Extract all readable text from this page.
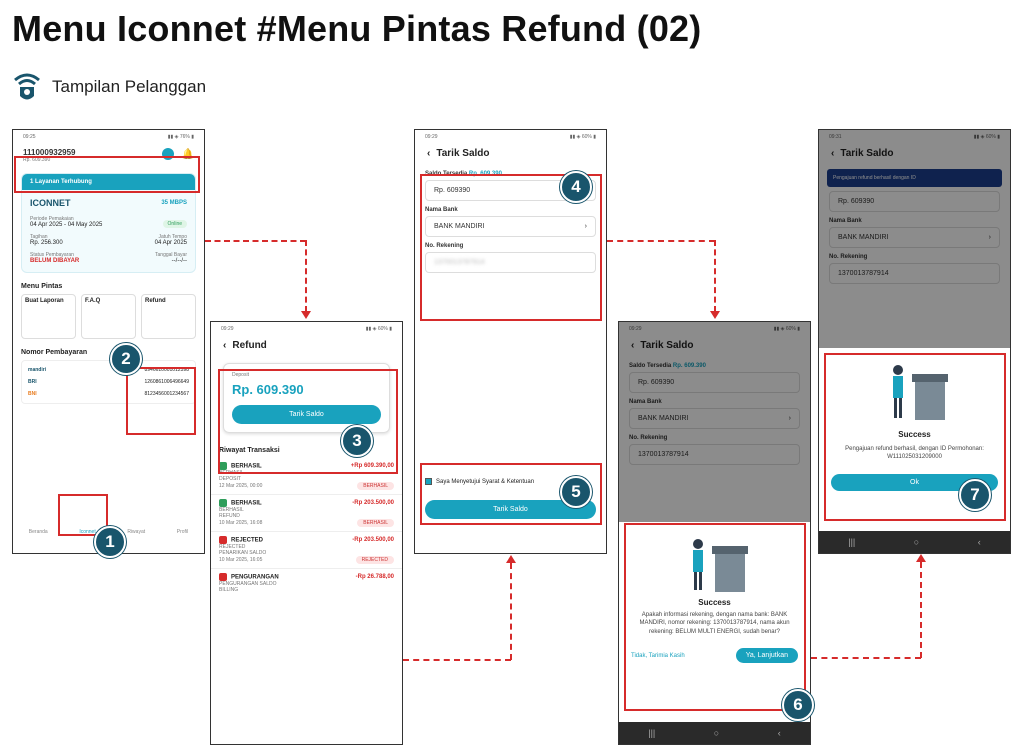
Menu Iconnet #Menu Pintas Refund (02)
Tampilan Pelanggan
09:25	▮▮ ◈ 76% ▮
111000932959
Rp. 609.390
🔔
1 Layanan Terhubung
ICONNET	35 MBPS
Periode Pemakaian
04 Apr 2025 - 04 May 2025	Online
Tagihan
Rp. 256.300
Jatuh Tempo
04 Apr 2025
Status Pembayaran
BELUM DIBAYAR
Tanggal Bayar
--/--/--
Menu Pintas
Buat Laporan	F.A.Q	Refund
Nomor Pembayaran
mandiri	8946610001012598
BRI	1260861006496649
BNI	8123456001234567
Beranda	Iconnet	Riwayat	Profil
09:29	▮▮ ◈ 60% ▮
‹ Refund
Deposit
Rp. 609.390
Tarik Saldo
Riwayat Transaksi
BERHASIL	+Rp 609.390,00
BERHASIL
DEPOSIT
12 Mar 2025, 00:00	BERHASIL
BERHASIL	-Rp 203.500,00
BERHASIL
REFUND
10 Mar 2025, 16:08	BERHASIL
REJECTED	-Rp 203.500,00
REJECTED
PENARIKAN SALDO
10 Mar 2025, 16:05	REJECTED
PENGURANGAN	-Rp 26.788,00
PENGURANGAN SALDO
BILLING
09:29	▮▮ ◈ 60% ▮
‹ Tarik Saldo
Saldo Tersedia Rp. 609.390
Rp. 609390
Nama Bank
BANK MANDIRI	›
No. Rekening
1370013787914
Saya Menyetujui Syarat & Ketentuan
Tarik Saldo
09:29	▮▮ ◈ 60% ▮
‹ Tarik Saldo
Saldo Tersedia Rp. 609.390
Rp. 609390
Nama Bank
BANK MANDIRI	›
No. Rekening
1370013787914
Success
Apakah informasi rekening, dengan nama bank: BANK MANDIRI, nomor rekening: 1370013787914, nama akun rekening: BELUM MULTI ENERGI, sudah benar?
Tidak, Tarimia Kasih	Ya, Lanjutkan
|||	○	‹
09:31	▮▮ ◈ 60% ▮
‹ Tarik Saldo
Pengajuan refund berhasil dengan ID
Rp. 609390
Nama Bank
BANK MANDIRI	›
No. Rekening
1370013787914
Success
Pengajuan refund berhasil, dengan ID Permohonan: W111025031209000
Ok
|||	○	‹
1
2
3
4
5
6
7
